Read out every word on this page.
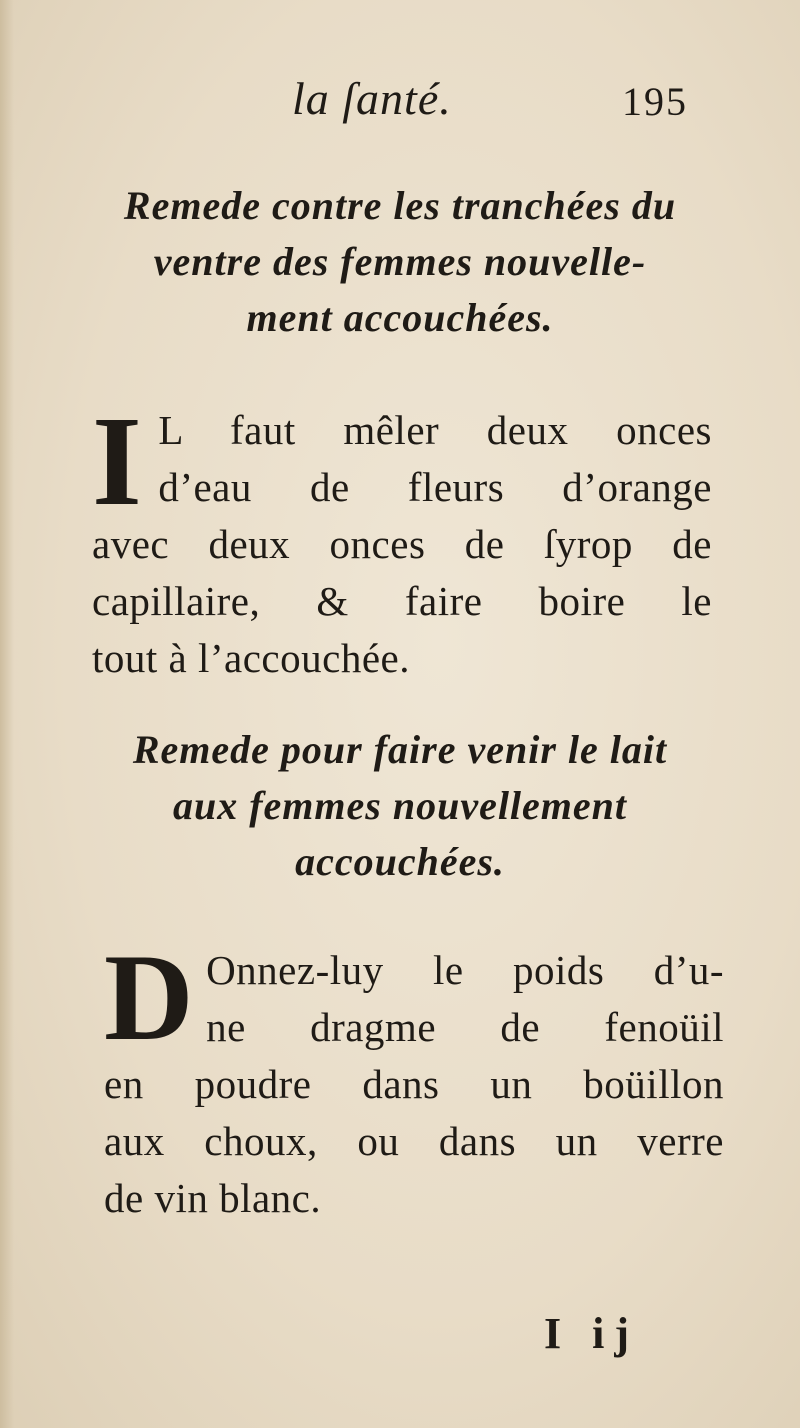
la ſanté.	195
Remede contre les tranchées du
ventre des femmes nouvelle-
ment accouchées.
I L faut mêler deux onces
d’eau de fleurs d’orange
avec deux onces de ſyrop de
capillaire, & faire boire le
tout à l’accouchée.
Remede pour faire venir le lait
aux femmes nouvellement
accouchées.
D Onnez-luy le poids d’u-
ne dragme de fenoüil
en poudre dans un boüillon
aux choux, ou dans un verre
de vin blanc.
I ij
